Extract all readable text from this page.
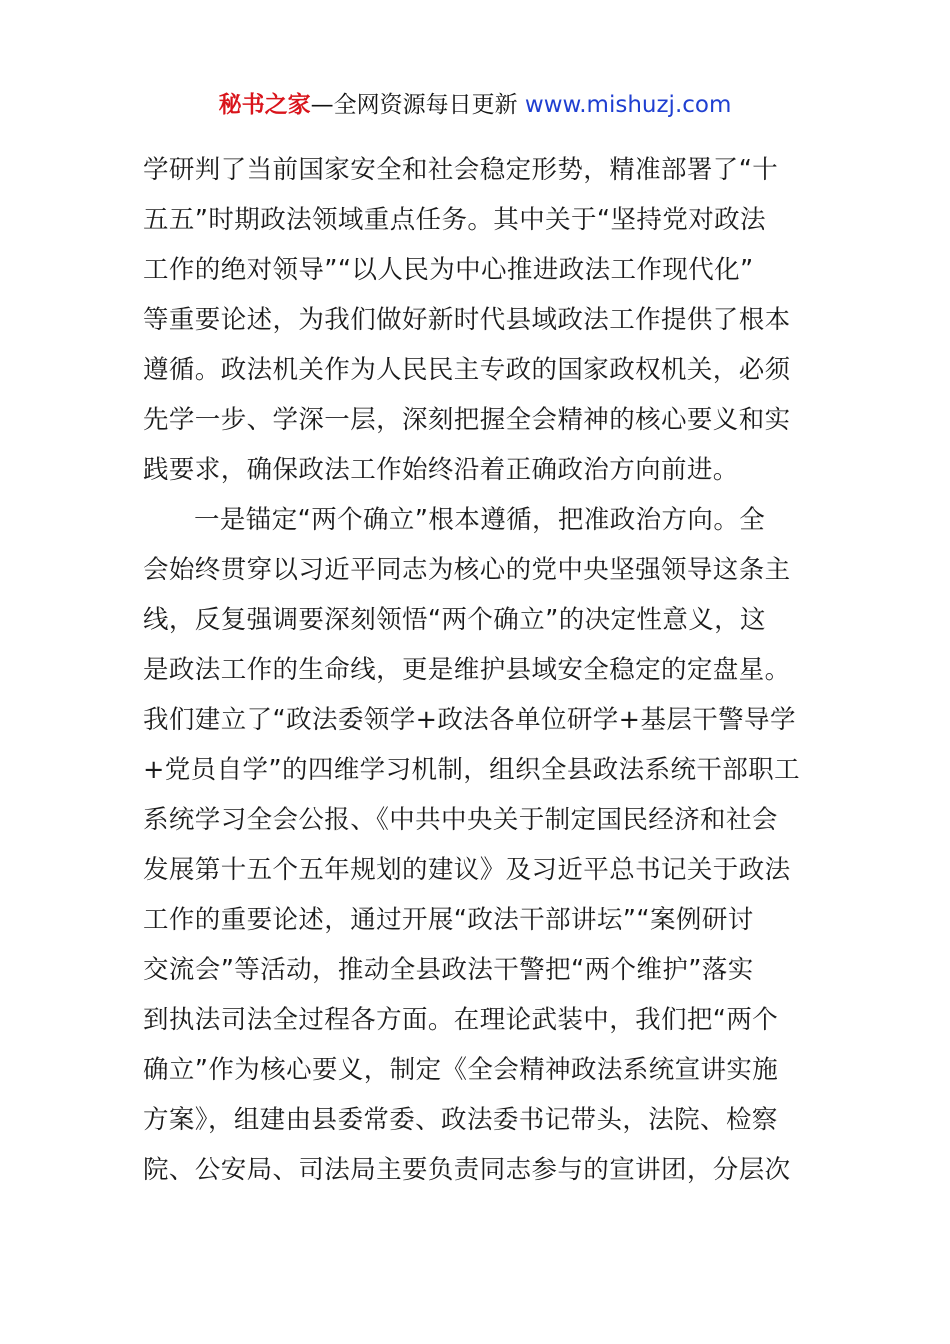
秘书之家—全网资源每日更新 www.mishuzj.com
学研判了当前国家安全和社会稳定形势，精准部署了“十
五五”时期政法领域重点任务。其中关于“坚持党对政法
工作的绝对领导”“以人民为中心推进政法工作现代化”
等重要论述，为我们做好新时代县域政法工作提供了根本
遵循。政法机关作为人民民主专政的国家政权机关，必须
先学一步、学深一层，深刻把握全会精神的核心要义和实
践要求，确保政法工作始终沿着正确政治方向前进。
一是锚定“两个确立”根本遵循，把准政治方向。全
会始终贯穿以习近平同志为核心的党中央坚强领导这条主
线，反复强调要深刻领悟“两个确立”的决定性意义，这
是政法工作的生命线，更是维护县域安全稳定的定盘星。
我们建立了“政法委领学+政法各单位研学+基层干警导学
+党员自学”的四维学习机制，组织全县政法系统干部职工
系统学习全会公报、《中共中央关于制定国民经济和社会
发展第十五个五年规划的建议》及习近平总书记关于政法
工作的重要论述，通过开展“政法干部讲坛”“案例研讨
交流会”等活动，推动全县政法干警把“两个维护”落实
到执法司法全过程各方面。在理论武装中，我们把“两个
确立”作为核心要义，制定《全会精神政法系统宣讲实施
方案》，组建由县委常委、政法委书记带头，法院、检察
院、公安局、司法局主要负责同志参与的宣讲团，分层次
